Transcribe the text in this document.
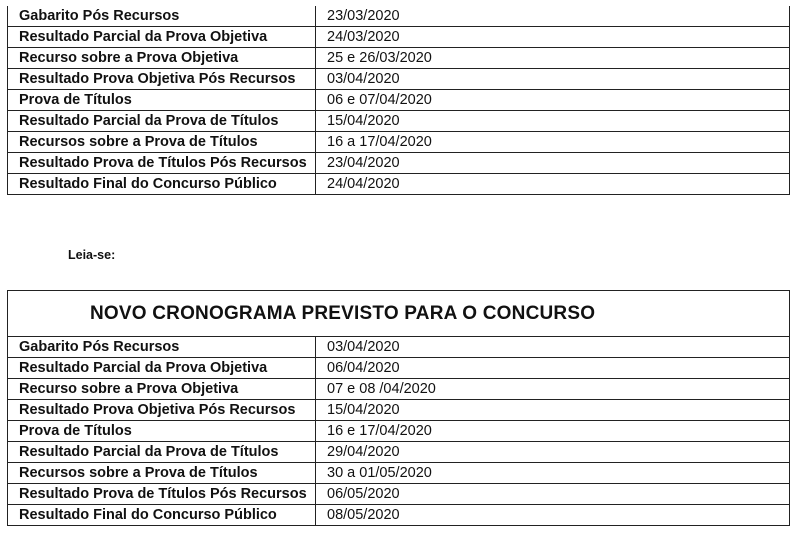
Gabarito Pós Recursos	23/03/2020
Resultado Parcial da Prova Objetiva	24/03/2020
Recurso sobre a Prova Objetiva	25 e 26/03/2020
Resultado Prova Objetiva Pós Recursos	03/04/2020
Prova de Títulos	06 e 07/04/2020
Resultado Parcial da Prova de Títulos	15/04/2020
Recursos sobre a Prova de Títulos	16 a 17/04/2020
Resultado Prova de Títulos Pós Recursos	23/04/2020
Resultado Final do Concurso Público	24/04/2020
Leia-se:
NOVO CRONOGRAMA PREVISTO PARA O CONCURSO	
Gabarito Pós Recursos	03/04/2020
Resultado Parcial da Prova Objetiva	06/04/2020
Recurso sobre a Prova Objetiva	07 e 08 /04/2020
Resultado Prova Objetiva Pós Recursos	15/04/2020
Prova de Títulos	16 e 17/04/2020
Resultado Parcial da Prova de Títulos	29/04/2020
Recursos sobre a Prova de Títulos	30 a 01/05/2020
Resultado Prova de Títulos Pós Recursos	06/05/2020
Resultado Final do Concurso Público	08/05/2020
